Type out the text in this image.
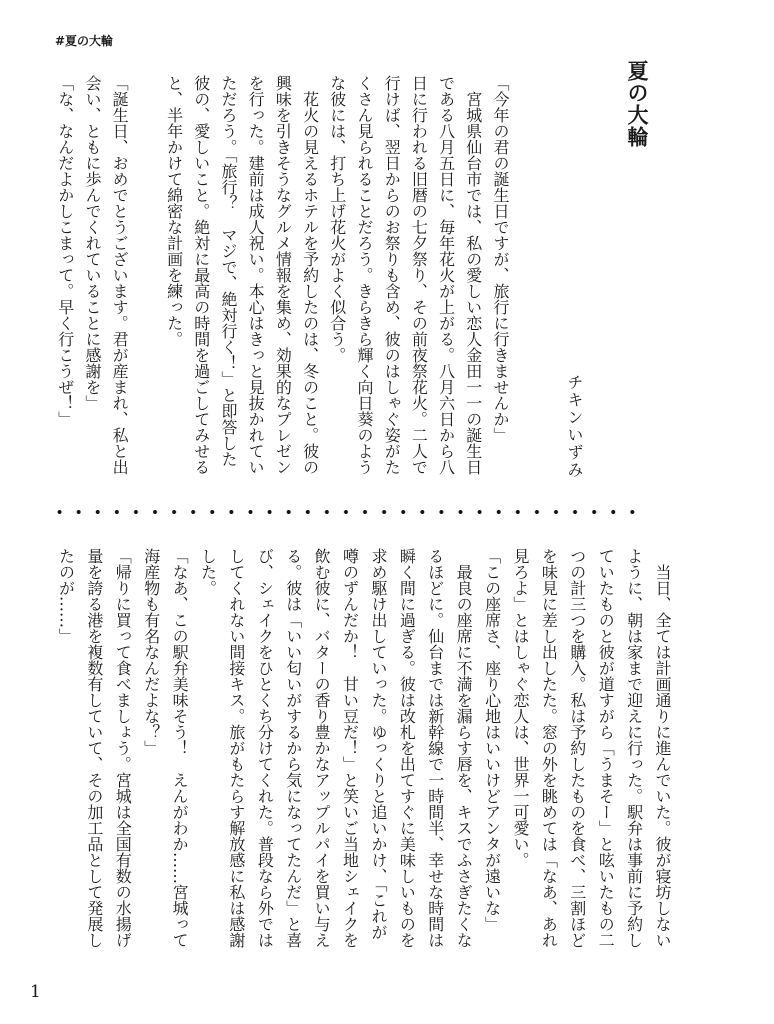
#夏の大輪
夏の大輪
チキンいずみ
「今年の君の誕生日ですが、旅行に行きませんか」
　宮城県仙台市では、私の愛しい恋人金田一一の誕生日
である八月五日に、毎年花火が上がる。八月六日から八
日に行われる旧暦の七夕祭り、その前夜祭花火。二人で
行けば、翌日からのお祭りも含め、彼のはしゃぐ姿がた
くさん見られることだろう。きらきら輝く向日葵のよう
な彼には、打ち上げ花火がよく似合う。
　花火の見えるホテルを予約したのは、冬のこと。彼の
興味を引きそうなグルメ情報を集め、効果的なプレゼン
を行った。建前は成人祝い。本心はきっと見抜かれてい
ただろう。「旅行？　マジで、絶対行く！」と即答した
彼の、愛しいこと。絶対に最高の時間を過ごしてみせる
と、半年かけて綿密な計画を練った。
「誕生日、おめでとうございます。君が産まれ、私と出
会い、ともに歩んでくれていることに感謝を」
「な、なんだよかしこまって。早く行こうぜ！」
　当日、全ては計画通りに進んでいた。彼が寝坊しない
ように、朝は家まで迎えに行った。駅弁は事前に予約し
ていたものと彼が道すがら「うまそー」と呟いたもの二
つの計三つを購入。私は予約したものを食べ、三割ほど
を味見に差し出したた。窓の外を眺めては「なあ、あれ
見ろよ」とはしゃぐ恋人は、世界一可愛い。
「この座席さ、座り心地はいいけどアンタが遠いな」
　最良の座席に不満を漏らす唇を、キスでふさぎたくな
るほどに。仙台までは新幹線で一時間半、幸せな時間は
瞬く間に過ぎる。彼は改札を出てすぐに美味しいものを
求め駆け出していった。ゆっくりと追いかけ、「これが
噂のずんだか！　甘い豆だ！」と笑いご当地シェイクを
飲む彼に、バターの香り豊かなアップルパイを買い与え
る。彼は「いい匂いがするから気になってたんだ」と喜
び、シェイクをひとくち分けてくれた。普段なら外では
してくれない間接キス。旅がもたらす解放感に私は感謝
した。
「なあ、この駅弁美味そう！　えんがわか……宮城って
海産物も有名なんだよな？」
「帰りに買って食べましょう。宮城は全国有数の水揚げ
量を誇る港を複数有していて、その加工品として発展し
たのが……」
1
